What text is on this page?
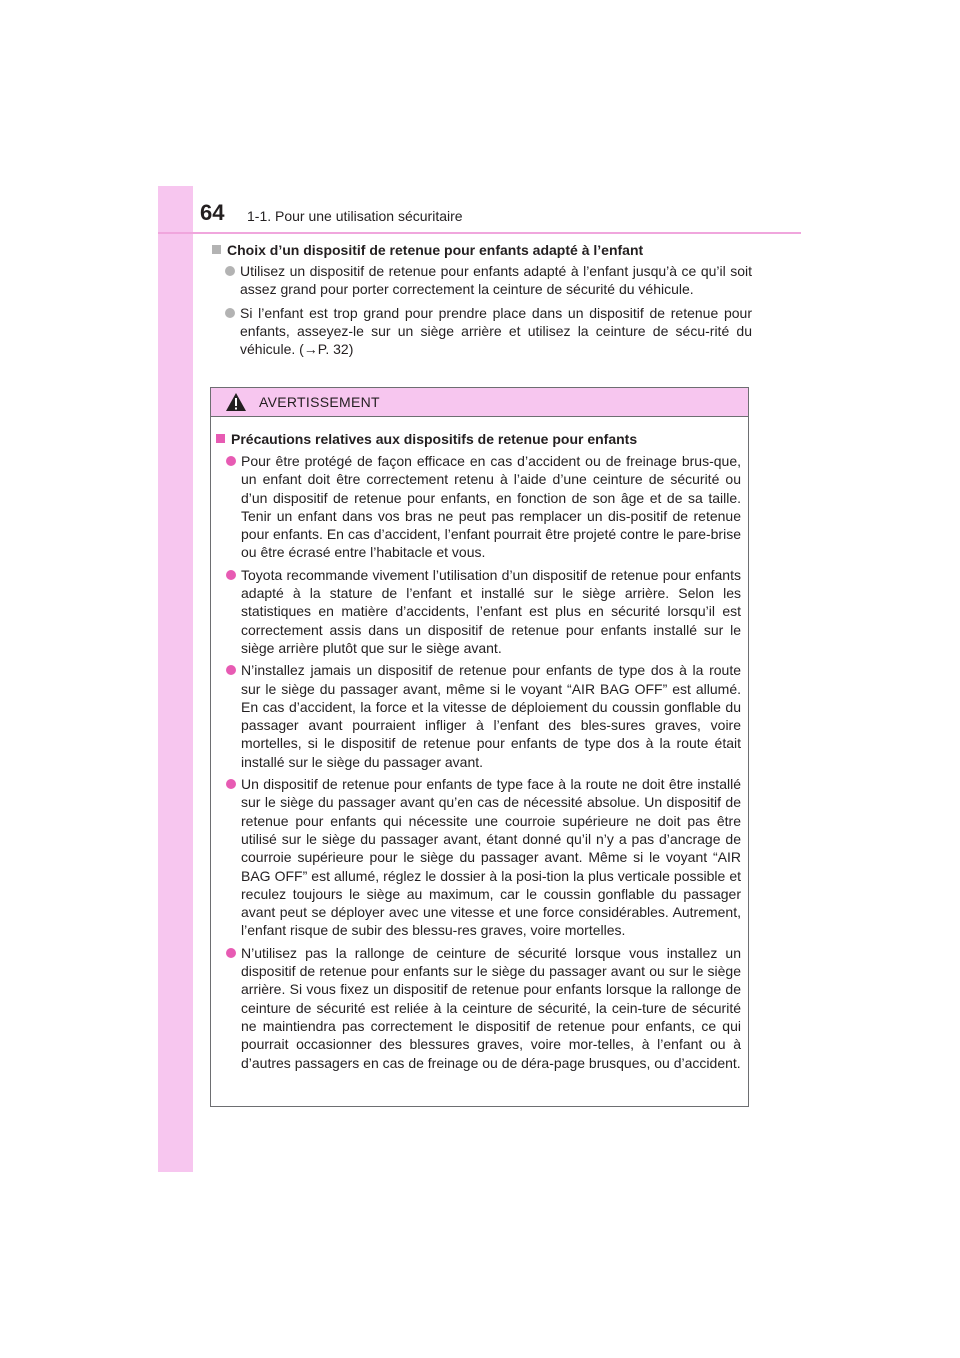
64 1-1. Pour une utilisation sécuritaire
Choix d’un dispositif de retenue pour enfants adapté à l’enfant
Utilisez un dispositif de retenue pour enfants adapté à l’enfant jusqu’à ce qu’il soit assez grand pour porter correctement la ceinture de sécurité du véhicule.
Si l’enfant est trop grand pour prendre place dans un dispositif de retenue pour enfants, asseyez-le sur un siège arrière et utilisez la ceinture de sécu-rité du véhicule. (→P. 32)
AVERTISSEMENT
Précautions relatives aux dispositifs de retenue pour enfants
Pour être protégé de façon efficace en cas d’accident ou de freinage brus-que, un enfant doit être correctement retenu à l’aide d’une ceinture de sécurité ou d’un dispositif de retenue pour enfants, en fonction de son âge et de sa taille. Tenir un enfant dans vos bras ne peut pas remplacer un dis-positif de retenue pour enfants. En cas d’accident, l’enfant pourrait être projeté contre le pare-brise ou être écrasé entre l’habitacle et vous.
Toyota recommande vivement l’utilisation d’un dispositif de retenue pour enfants adapté à la stature de l’enfant et installé sur le siège arrière. Selon les statistiques en matière d’accidents, l’enfant est plus en sécurité lorsqu’il est correctement assis dans un dispositif de retenue pour enfants installé sur le siège arrière plutôt que sur le siège avant.
N’installez jamais un dispositif de retenue pour enfants de type dos à la route sur le siège du passager avant, même si le voyant “AIR BAG OFF” est allumé. En cas d’accident, la force et la vitesse de déploiement du coussin gonflable du passager avant pourraient infliger à l’enfant des bles-sures graves, voire mortelles, si le dispositif de retenue pour enfants de type dos à la route était installé sur le siège du passager avant.
Un dispositif de retenue pour enfants de type face à la route ne doit être installé sur le siège du passager avant qu’en cas de nécessité absolue. Un dispositif de retenue pour enfants qui nécessite une courroie supérieure ne doit pas être utilisé sur le siège du passager avant, étant donné qu’il n’y a pas d’ancrage de courroie supérieure pour le siège du passager avant. Même si le voyant “AIR BAG OFF” est allumé, réglez le dossier à la posi-tion la plus verticale possible et reculez toujours le siège au maximum, car le coussin gonflable du passager avant peut se déployer avec une vitesse et une force considérables. Autrement, l’enfant risque de subir des blessu-res graves, voire mortelles.
N’utilisez pas la rallonge de ceinture de sécurité lorsque vous installez un dispositif de retenue pour enfants sur le siège du passager avant ou sur le siège arrière. Si vous fixez un dispositif de retenue pour enfants lorsque la rallonge de ceinture de sécurité est reliée à la ceinture de sécurité, la cein-ture de sécurité ne maintiendra pas correctement le dispositif de retenue pour enfants, ce qui pourrait occasionner des blessures graves, voire mor-telles, à l’enfant ou à d’autres passagers en cas de freinage ou de déra-page brusques, ou d’accident.
